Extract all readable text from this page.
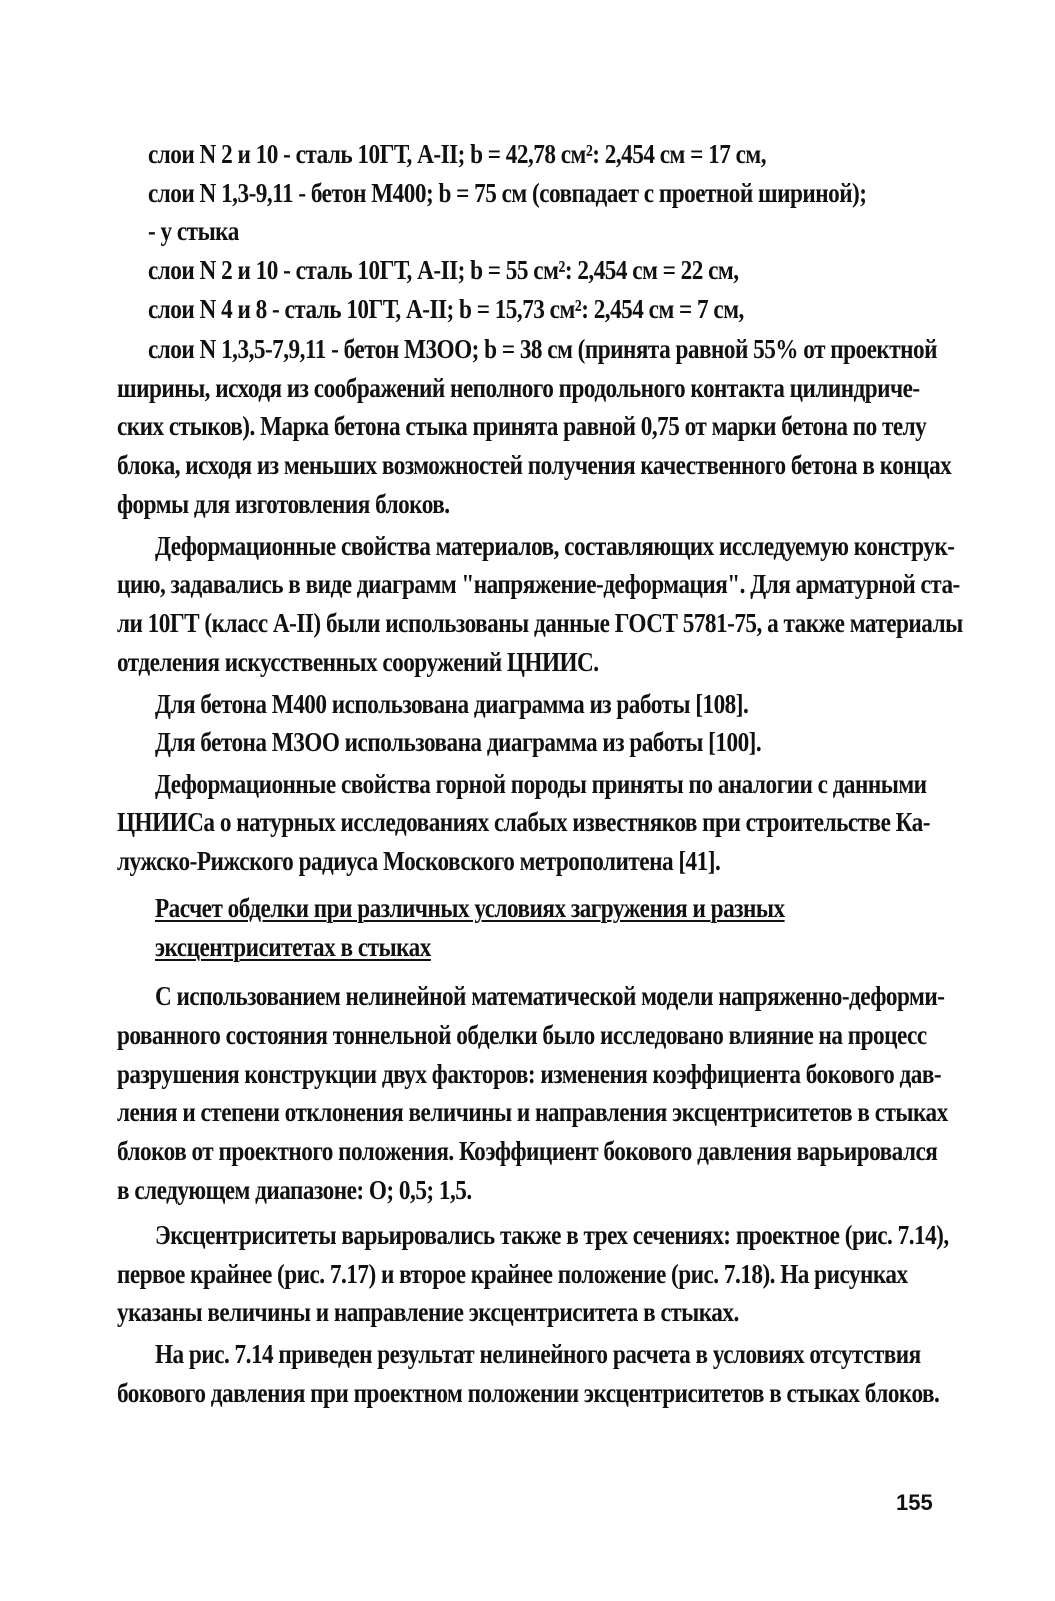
слои N 2 и 10 - сталь 10ГТ, А-II; b = 42,78 см²: 2,454 см = 17 см,
слои N 1,3-9,11 - бетон М400; b = 75 см (совпадает с проетной шириной);
- у стыка
слои N 2 и 10 - сталь 10ГТ, А-II; b = 55 см²: 2,454 см = 22 см,
слои N 4 и 8 - сталь 10ГТ, А-II; b = 15,73 см²: 2,454 см = 7 см,
слои N 1,3,5-7,9,11 - бетон М3ОО; b = 38 см (принята равной 55% от проектной
ширины, исходя из соображений неполного продольного контакта цилиндриче-
ских стыков). Марка бетона стыка принята равной 0,75 от марки бетона по телу
блока, исходя из меньших возможностей получения качественного бетона в концах
формы для изготовления блоков.
Деформационные свойства материалов, составляющих исследуемую конструк-
цию, задавались в виде диаграмм "напряжение-деформация". Для арматурной ста-
ли 10ГТ (класс А-II) были использованы данные ГОСТ 5781-75, а также материалы
отделения искусственных сооружений ЦНИИС.
Для бетона М400 использована диаграмма из работы [108].
Для бетона М3ОО использована диаграмма из работы [100].
Деформационные свойства горной породы приняты по аналогии с данными
ЦНИИСа о натурных исследованиях слабых известняков при строительстве Ка-
лужско-Рижского радиуса Московского метрополитена [41].
Расчет обделки при различных условиях загружения и разных
эксцентриситетах в стыках
С использованием нелинейной математической модели напряженно-деформи-
рованного состояния тоннельной обделки было исследовано влияние на процесс
разрушения конструкции двух факторов: изменения коэффициента бокового дав-
ления и степени отклонения величины и направления эксцентриситетов в стыках
блоков от проектного положения. Коэффициент бокового давления варьировался
в следующем диапазоне: О; 0,5; 1,5.
Эксцентриситеты варьировались также в трех сечениях: проектное (рис. 7.14),
первое крайнее (рис. 7.17) и второе крайнее положение (рис. 7.18). На рисунках
указаны величины и направление эксцентриситета в стыках.
На рис. 7.14 приведен результат нелинейного расчета в условиях отсутствия
бокового давления при проектном положении эксцентриситетов в стыках блоков.
155
